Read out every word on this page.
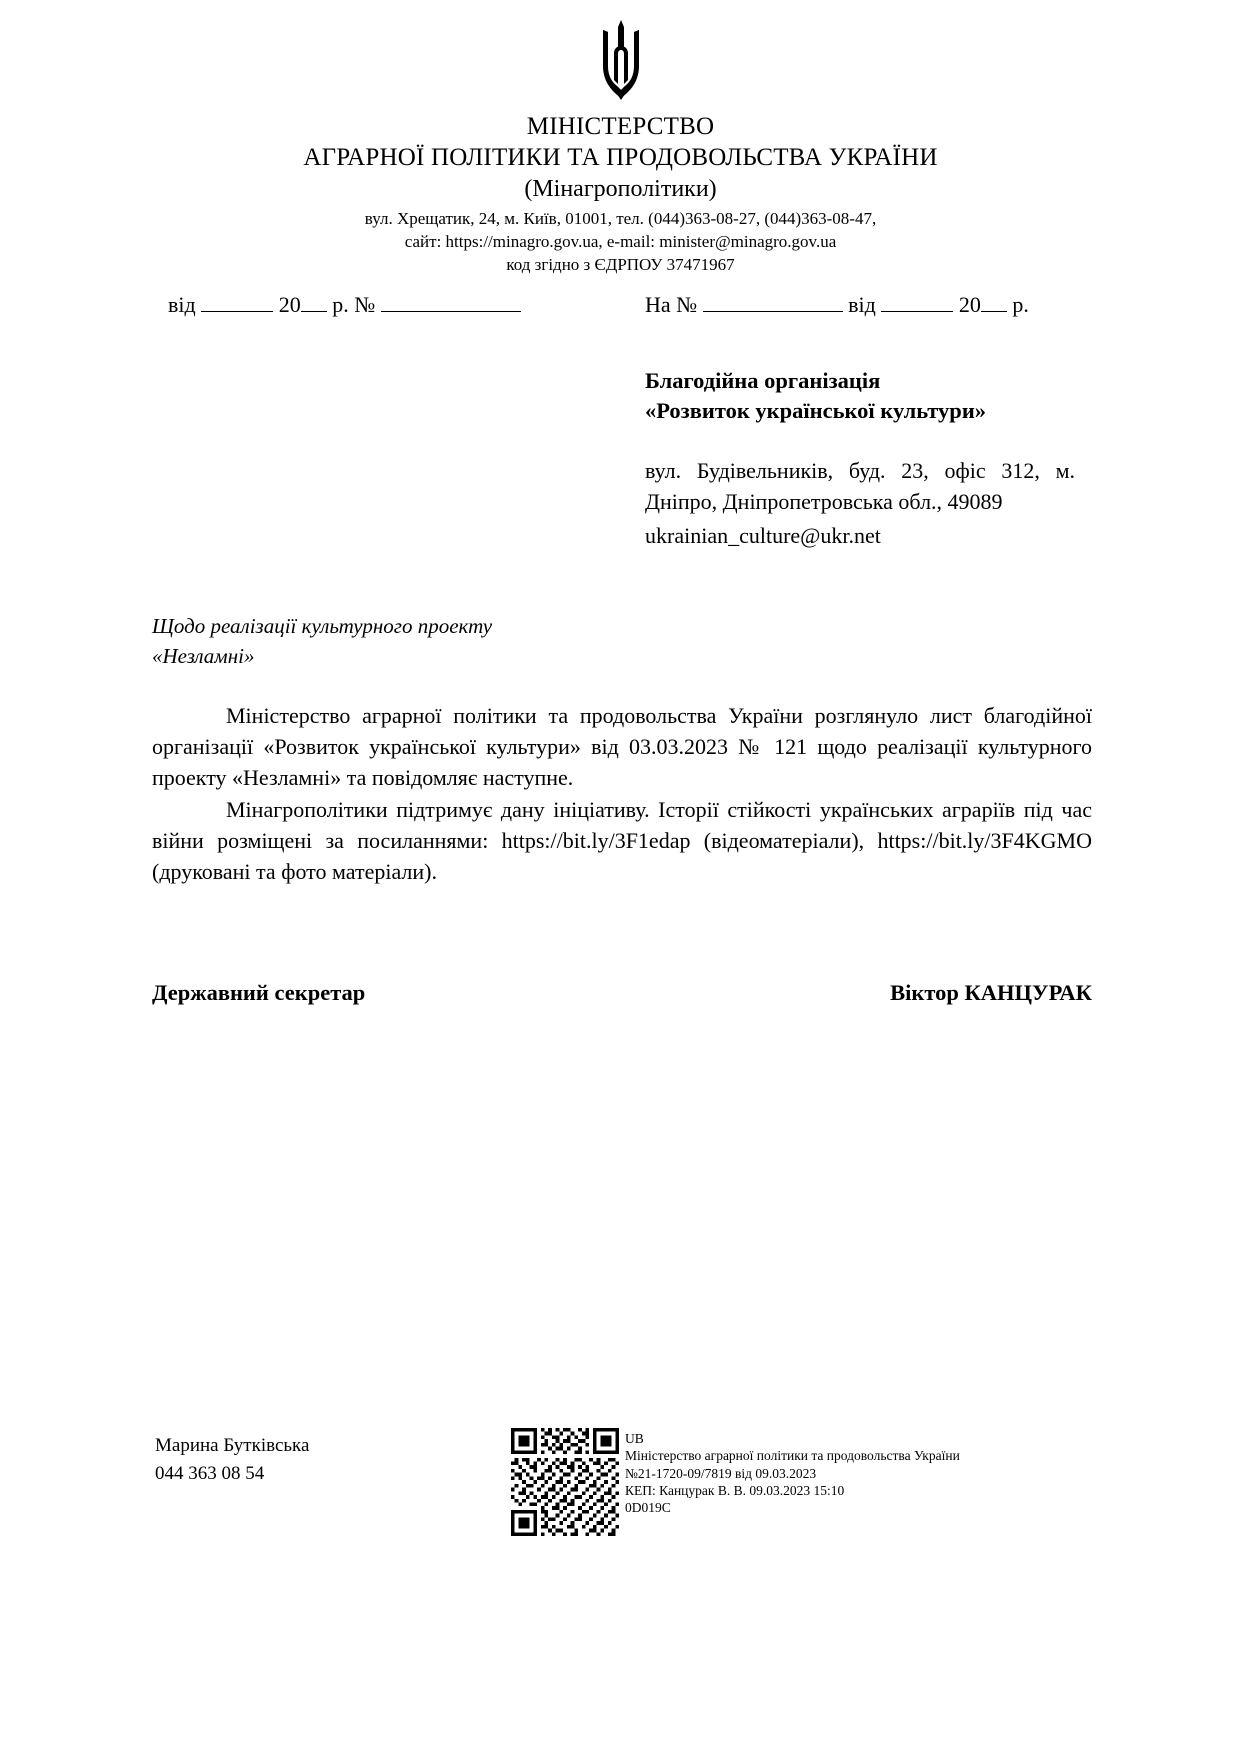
МІНІСТЕРСТВО
АГРАРНОЇ ПОЛІТИКИ ТА ПРОДОВОЛЬСТВА УКРАЇНИ
(Мінагрополітики)
вул. Хрещатик, 24, м. Київ, 01001, тел. (044)363-08-27, (044)363-08-47,
сайт: https://minagro.gov.ua, e-mail: minister@minagro.gov.ua
код згідно з ЄДРПОУ 37471967
від	20 р. №	На №	від	20 р.
Благодійна організація
«Розвиток української культури»
вул. Будівельників, буд. 23, офіс 312, м. Дніпро, Дніпропетровська обл., 49089
ukrainian_culture@ukr.net
Щодо реалізації культурного проекту «Незламні»

Міністерство аграрної політики та продовольства України розглянуло лист благодійної організації «Розвиток української культури» від 03.03.2023 № 121 щодо реалізації культурного проекту «Незламні» та повідомляє наступне.

Мінагрополітики підтримує дану ініціативу. Історії стійкості українських аграріїв під час війни розміщені за посиланнями: https://bit.ly/3F1edap (відеоматеріали), https://bit.ly/3F4KGMO (друковані та фото матеріали).

Державний секретар	Віктор КАНЦУРАК
Марина Бутківська
044 363 08 54
UB
Міністерство аграрної політики та продовольства України
№21-1720-09/7819 від 09.03.2023
КЕП: Канцурак В. В. 09.03.2023 15:10
0D019C
